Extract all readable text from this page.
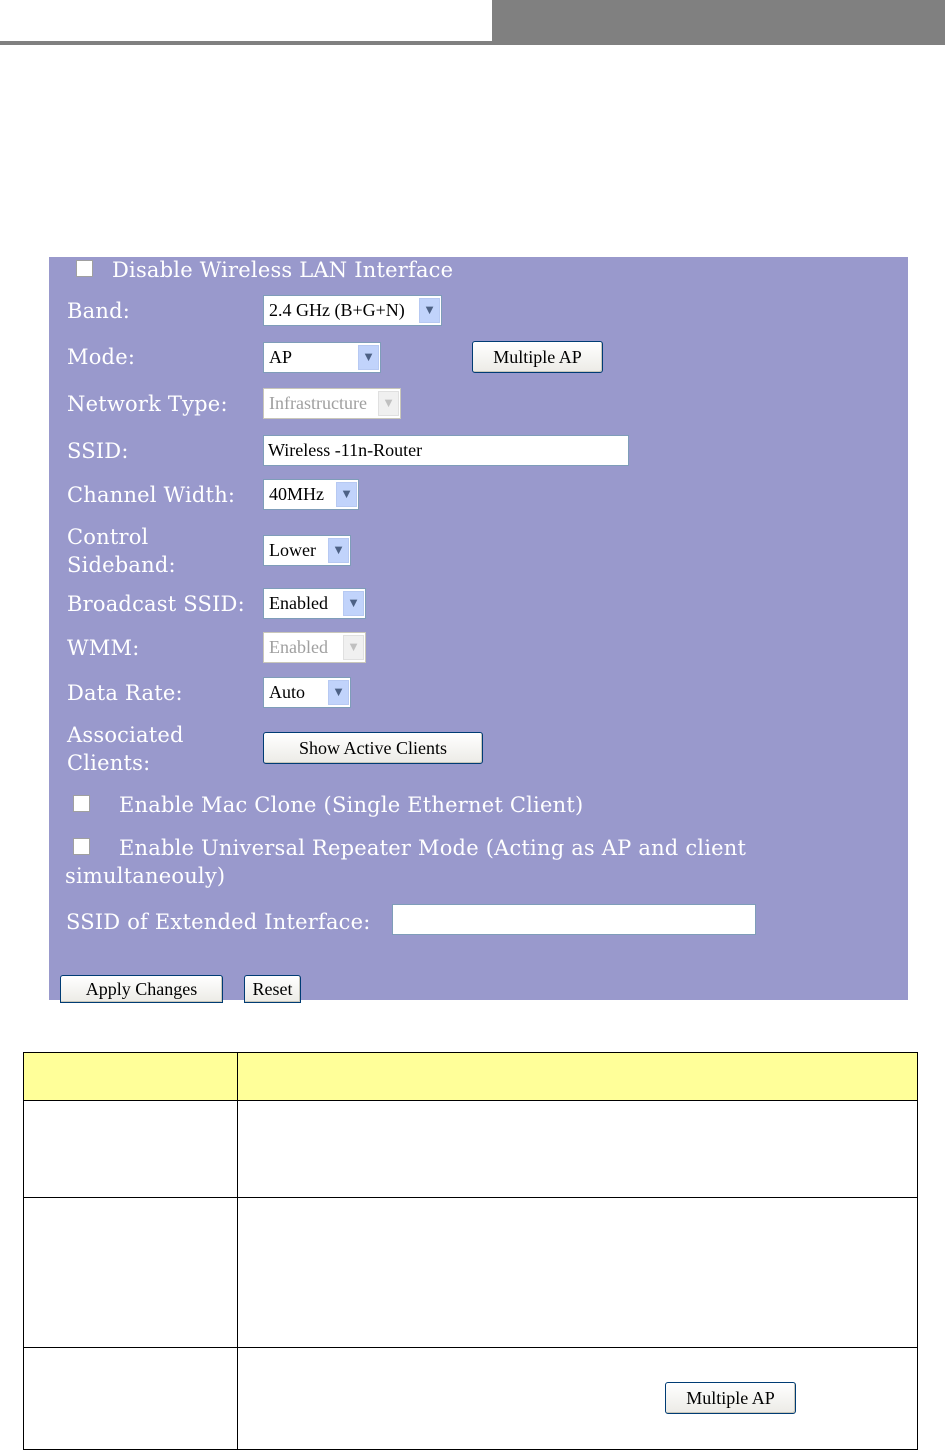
Disable Wireless LAN Interface
Band:	2.4 GHz (B+G+N)	▼
Mode:	AP	▼	Multiple AP
Network Type:	Infrastructure	▼
SSID:	Wireless -11n-Router
Channel Width:	40MHz	▼
Control Sideband:
Lower	▼
Broadcast SSID:	Enabled	▼
WMM:	Enabled	▼
Data Rate:	Auto	▼
Associated Clients:
Show Active Clients
Enable Mac Clone (Single Ethernet Client)
Enable Universal Repeater Mode (Acting as AP and client simultaneouly)
SSID of Extended Interface:
Apply Changes	Reset

	Multiple AP
